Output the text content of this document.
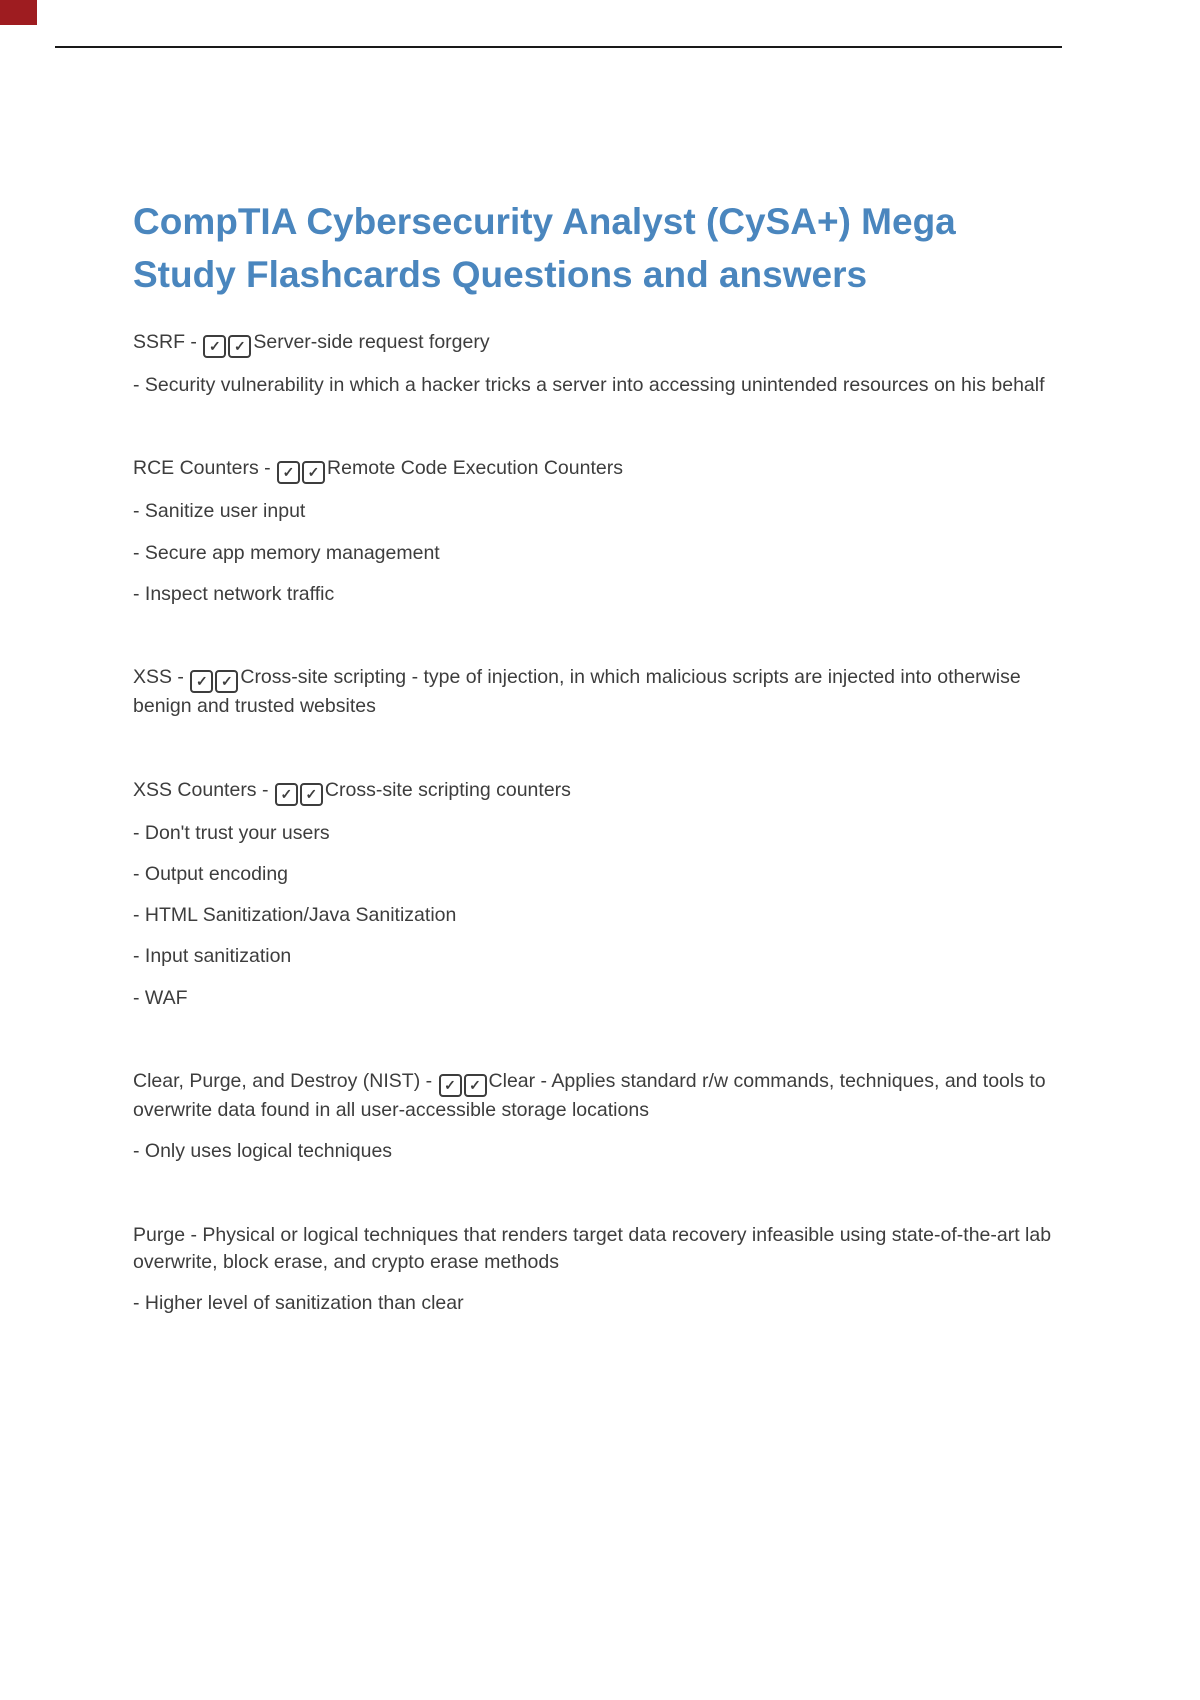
CompTIA Cybersecurity Analyst (CySA+) Mega Study Flashcards Questions and answers

SSRF - ✓ ✓ Server-side request forgery

- Security vulnerability in which a hacker tricks a server into accessing unintended resources on his behalf

RCE Counters - ✓ ✓ Remote Code Execution Counters

- Sanitize user input

- Secure app memory management

- Inspect network traffic

XSS - ✓ ✓ Cross-site scripting - type of injection, in which malicious scripts are injected into otherwise benign and trusted websites

XSS Counters - ✓ ✓ Cross-site scripting counters

- Don't trust your users

- Output encoding

- HTML Sanitization/Java Sanitization

- Input sanitization

- WAF

Clear, Purge, and Destroy (NIST) - ✓ ✓ Clear - Applies standard r/w commands, techniques, and tools to overwrite data found in all user-accessible storage locations

- Only uses logical techniques

Purge - Physical or logical techniques that renders target data recovery infeasible using state-of-the-art lab overwrite, block erase, and crypto erase methods

- Higher level of sanitization than clear
